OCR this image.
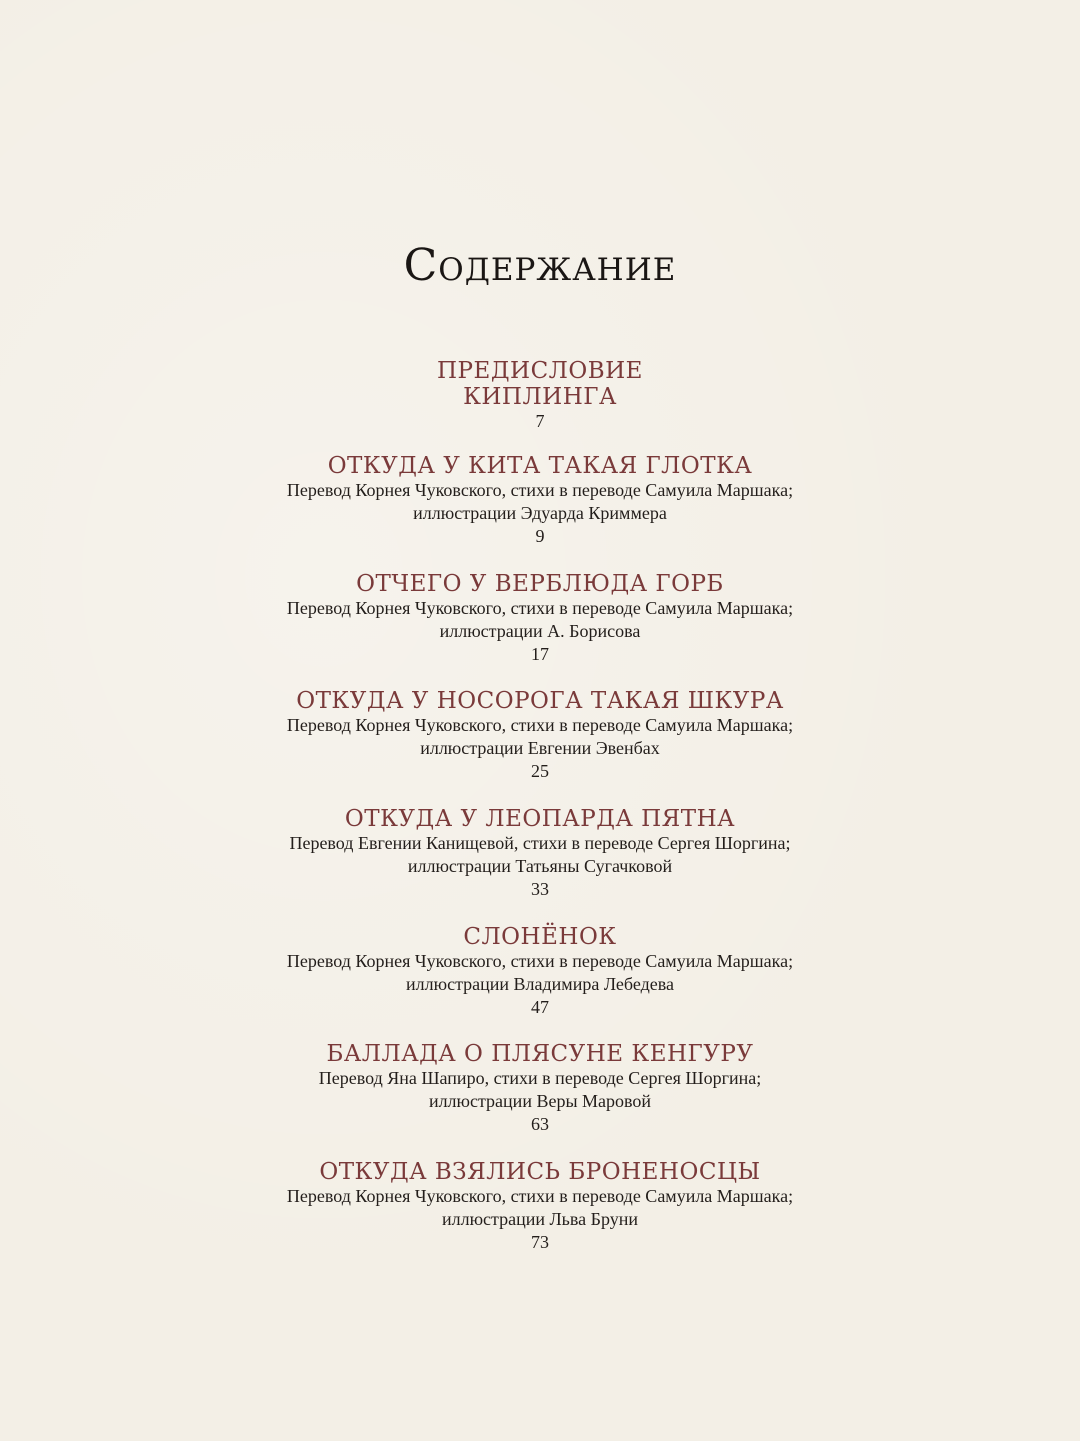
Содержание
ПРЕДИСЛОВИЕ
КИПЛИНГА
7
ОТКУДА У КИТА ТАКАЯ ГЛОТКА
Перевод Корнея Чуковского, стихи в переводе Самуила Маршака;
иллюстрации Эдуарда Криммера
9
ОТЧЕГО У ВЕРБЛЮДА ГОРБ
Перевод Корнея Чуковского, стихи в переводе Самуила Маршака;
иллюстрации А. Борисова
17
ОТКУДА У НОСОРОГА ТАКАЯ ШКУРА
Перевод Корнея Чуковского, стихи в переводе Самуила Маршака;
иллюстрации Евгении Эвенбах
25
ОТКУДА У ЛЕОПАРДА ПЯТНА
Перевод Евгении Канищевой, стихи в переводе Сергея Шоргина;
иллюстрации Татьяны Сугачковой
33
СЛОНЁНОК
Перевод Корнея Чуковского, стихи в переводе Самуила Маршака;
иллюстрации Владимира Лебедева
47
БАЛЛАДА О ПЛЯСУНЕ КЕНГУРУ
Перевод Яна Шапиро, стихи в переводе Сергея Шоргина;
иллюстрации Веры Маровой
63
ОТКУДА ВЗЯЛИСЬ БРОНЕНОСЦЫ
Перевод Корнея Чуковского, стихи в переводе Самуила Маршака;
иллюстрации Льва Бруни
73
